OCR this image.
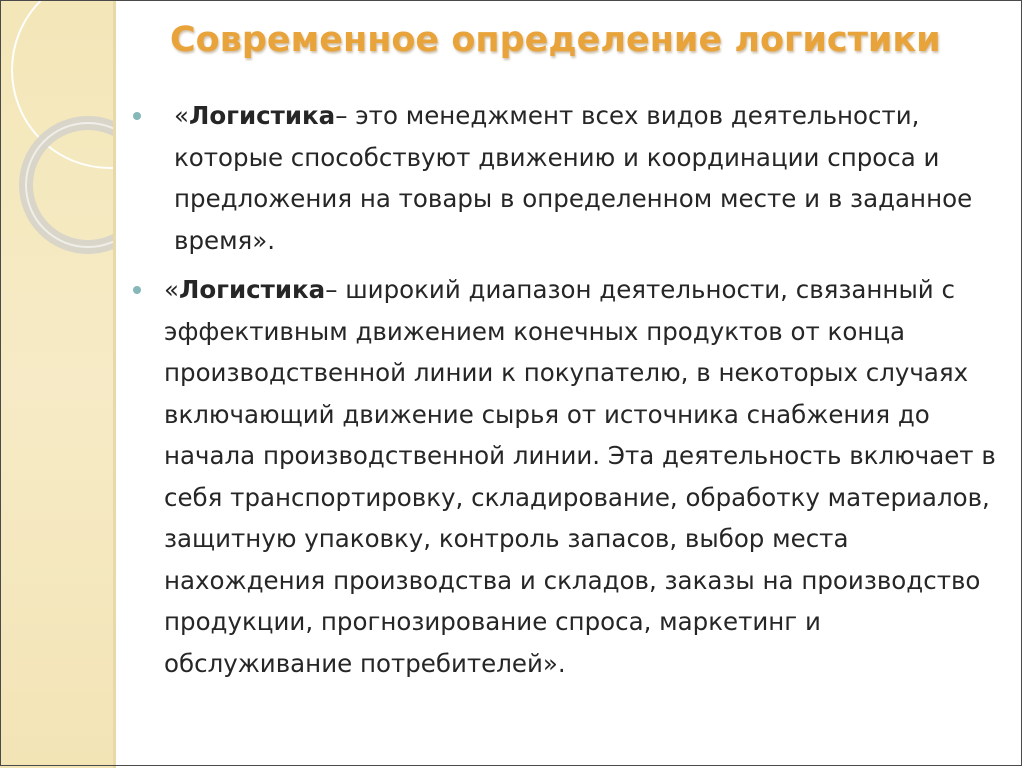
Современное определение логистики
«Логистика– это менеджмент всех видов деятельности, которые способствуют движению и координации спроса и предложения на товары в определенном месте и в заданное время».
«Логистика– широкий диапазон деятельности, связанный с эффективным движением конечных продуктов от конца производственной линии к покупателю, в некоторых случаях включающий движение сырья от источника снабжения до начала производственной линии. Эта деятельность включает в себя транспортировку, складирование, обработку материалов, защитную упаковку, контроль запасов, выбор места нахождения производства и складов, заказы на производство продукции, прогнозирование спроса, маркетинг и обслуживание потребителей».
